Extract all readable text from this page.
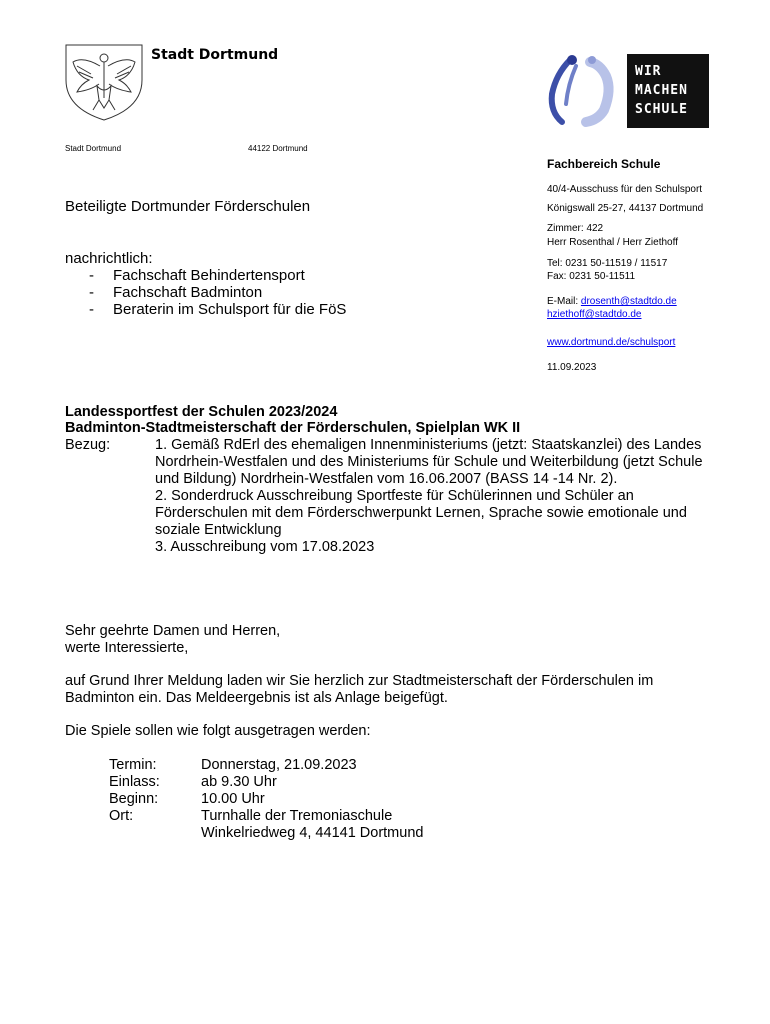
Stadt Dortmund
Stadt Dortmund	44122 Dortmund
WIR
MACHEN
SCHULE
Fachbereich Schule
40/4-Ausschuss für den Schulsport
Königswall 25-27, 44137 Dortmund
Zimmer: 422
Herr Rosenthal / Herr Ziethoff
Tel: 0231 50-11519 / 11517
Fax: 0231 50-11511
E-Mail: drosenth@stadtdo.de
hziethoff@stadtdo.de
www.dortmund.de/schulsport
11.09.2023
Beteiligte Dortmunder Förderschulen
nachrichtlich:
- Fachschaft Behindertensport
- Fachschaft Badminton
- Beraterin im Schulsport für die FöS
Landessportfest der Schulen 2023/2024
Badminton-Stadtmeisterschaft der Förderschulen, Spielplan WK II
Bezug:	1. Gemäß RdErl des ehemaligen Innenministeriums (jetzt: Staatskanzlei) des Landes Nordrhein-Westfalen und des Ministeriums für Schule und Weiterbildung (jetzt Schule und Bildung) Nordrhein-Westfalen vom 16.06.2007 (BASS 14 -14 Nr. 2).
2. Sonderdruck Ausschreibung Sportfeste für Schülerinnen und Schüler an Förderschulen mit dem Förderschwerpunkt Lernen, Sprache sowie emotionale und soziale Entwicklung
3. Ausschreibung vom 17.08.2023
Sehr geehrte Damen und Herren,
werte Interessierte,
auf Grund Ihrer Meldung laden wir Sie herzlich zur Stadtmeisterschaft der Förderschulen im Badminton ein. Das Meldeergebnis ist als Anlage beigefügt.
Die Spiele sollen wie folgt ausgetragen werden:
Termin:	Donnerstag, 21.09.2023
Einlass:	ab 9.30 Uhr
Beginn:	10.00 Uhr
Ort:	Turnhalle der Tremoniaschule
Winkelriedweg 4, 44141 Dortmund
